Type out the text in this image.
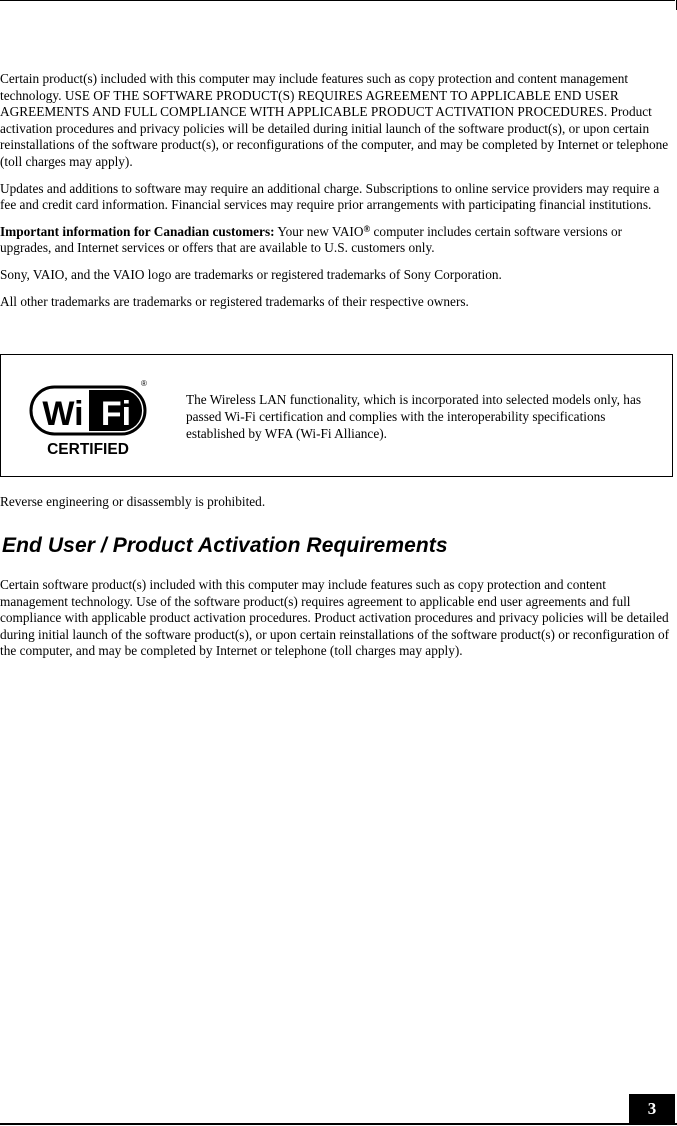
Certain product(s) included with this computer may include features such as copy protection and content management technology. USE OF THE SOFTWARE PRODUCT(S) REQUIRES AGREEMENT TO APPLICABLE END USER AGREEMENTS AND FULL COMPLIANCE WITH APPLICABLE PRODUCT ACTIVATION PROCEDURES. Product activation procedures and privacy policies will be detailed during initial launch of the software product(s), or upon certain reinstallations of the software product(s), or reconfigurations of the computer, and may be completed by Internet or telephone (toll charges may apply).

Updates and additions to software may require an additional charge. Subscriptions to online service providers may require a fee and credit card information. Financial services may require prior arrangements with participating financial institutions.

Important information for Canadian customers: Your new VAIO® computer includes certain software versions or upgrades, and Internet services or offers that are available to U.S. customers only.

Sony, VAIO, and the VAIO logo are trademarks or registered trademarks of Sony Corporation.

All other trademarks are trademarks or registered trademarks of their respective owners.

Wi Fi
®
CERTIFIED
The Wireless LAN functionality, which is incorporated into selected models only, has passed Wi-Fi certification and complies with the interoperability specifications established by WFA (Wi-Fi Alliance).

Reverse engineering or disassembly is prohibited.

End User / Product Activation Requirements

Certain software product(s) included with this computer may include features such as copy protection and content management technology. Use of the software product(s) requires agreement to applicable end user agreements and full compliance with applicable product activation procedures. Product activation procedures and privacy policies will be detailed during initial launch of the software product(s), or upon certain reinstallations of the software product(s) or reconfiguration of the computer, and may be completed by Internet or telephone (toll charges may apply).

3
